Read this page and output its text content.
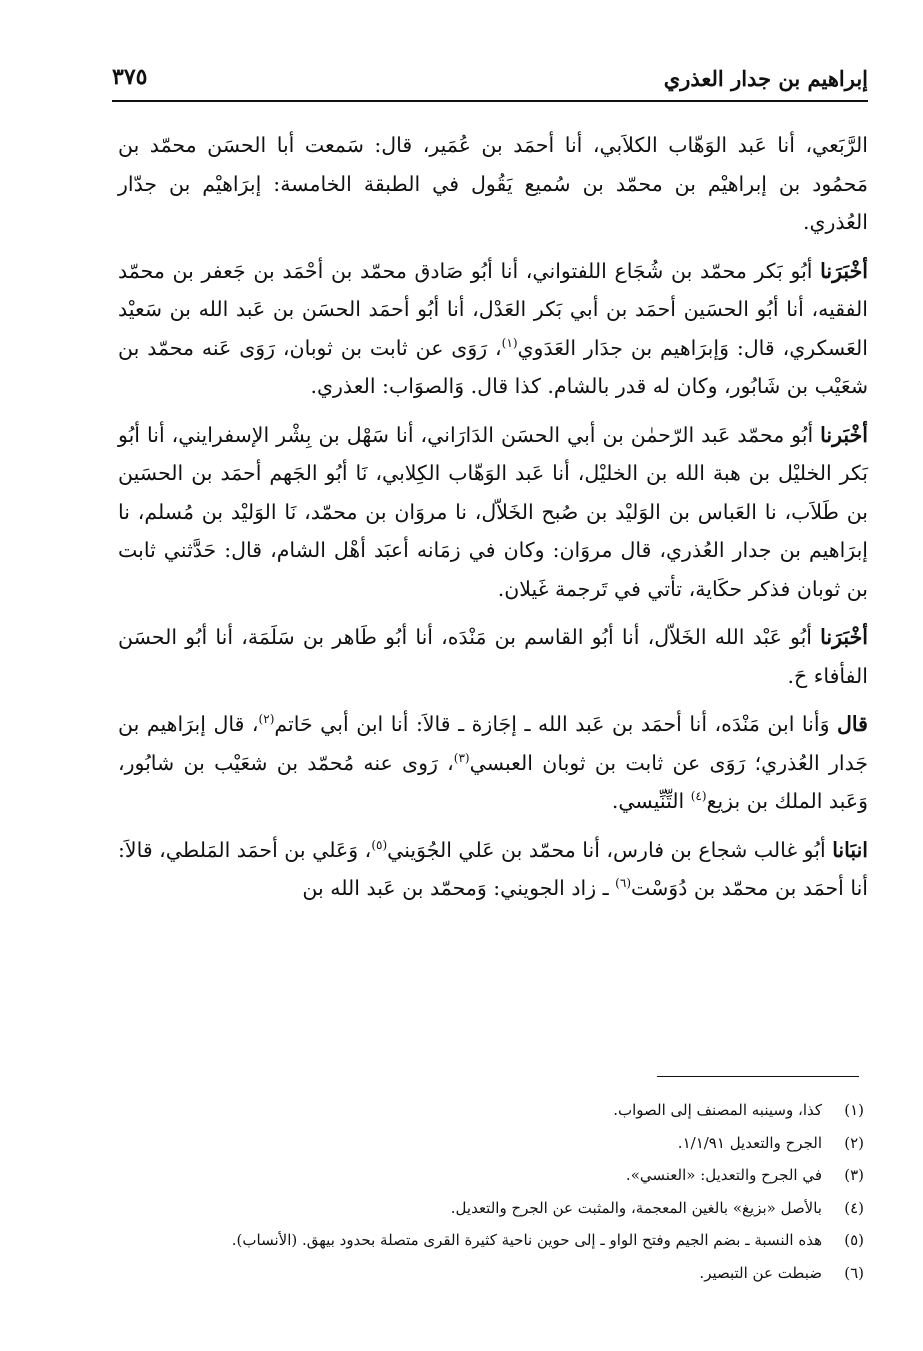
إبراهيم بن جدار العذري
٣٧٥

الرَّبَعي، أنا عَبد الوَهّاب الكلاَبي، أنا أحمَد بن عُمَير، قال: سَمعت أبا الحسَن محمّد بن مَحمُود بن إبراهيْم بن محمّد بن سُميع يَقُول في الطبقة الخامسة: إبرَاهيْم بن جدّار العُذري.

أخْبَرَنا أبُو بَكر محمّد بن شُجَاع اللفتواني، أنا أبُو صَادق محمّد بن أحْمَد بن جَعفر بن محمّد الفقيه، أنا أبُو الحسَين أحمَد بن أبي بَكر العَدْل، أنا أبُو أحمَد الحسَن بن عَبد الله بن سَعيْد العَسكري، قال: وَإبرَاهيم بن جدَار العَدَوي$^{(١)}$، رَوَى عن ثابت بن ثوبان، رَوَى عَنه محمّد بن شعَيْب بن شَابُور، وكان له قدر بالشام. كذا قال. وَالصوَاب: العذري.

أخْبَرنا أبُو محمّد عَبد الرّحمٰن بن أبي الحسَن الدَارَاني، أنا سَهْل بن بِشْر الإسفرايني، أنا أبُو بَكر الخليْل بن هبة الله بن الخليْل، أنا عَبد الوَهّاب الكِلابي، نَا أبُو الجَهم أحمَد بن الحسَين بن طَلاَب، نا العَباس بن الوَليْد بن صُبح الخَلاّل، نا مروَان بن محمّد، نَا الوَليْد بن مُسلم، نا إبرَاهيم بن جدار العُذري، قال مروَان: وكان في زمَانه أعبَد أهْل الشام، قال: حَدَّثني ثابت بن ثوبان فذكر حكَاية، تأتي في تَرجمة غَيلان.

أخْبَرَنا أبُو عَبْد الله الخَلاّل، أنا أبُو القاسم بن مَنْدَه، أنا أبُو طَاهر بن سَلَمَة، أنا أبُو الحسَن الفأفاء حَ.

قال وَأنا ابن مَنْدَه، أنا أحمَد بن عَبد الله ـ إجَازة ـ قالاَ: أنا ابن أبي حَاتم$^{(٢)}$، قال إبرَاهيم بن جَدار العُذري؛ رَوَى عن ثابت بن ثوبان العبسي$^{(٣)}$، رَوى عنه مُحمّد بن شعَيْب بن شابُور، وَعَبد الملك بن بزيع$^{(٤)}$ التِّنِّيسي.

انبَانا أبُو غالب شجاع بن فارس، أنا محمّد بن عَلي الجُوَيني$^{(٥)}$، وَعَلي بن أحمَد المَلطي، قالاَ: أنا أحمَد بن محمّد بن دُوَسْت$^{(٦)}$ ـ زاد الجويني: وَمحمّد بن عَبد الله بن

(١)
كذا، وسينبه المصنف إلى الصواب.
(٢)
الجرح والتعديل ١/١/٩١.
(٣)
في الجرح والتعديل: «العنسي».
(٤)
بالأصل «بزيغ» بالغين المعجمة، والمثبت عن الجرح والتعديل.
(٥)
هذه النسبة ـ بضم الجيم وفتح الواو ـ إلى حوين ناحية كثيرة القرى متصلة بحدود بيهق. (الأنساب).
(٦)
ضبطت عن التبصير.
